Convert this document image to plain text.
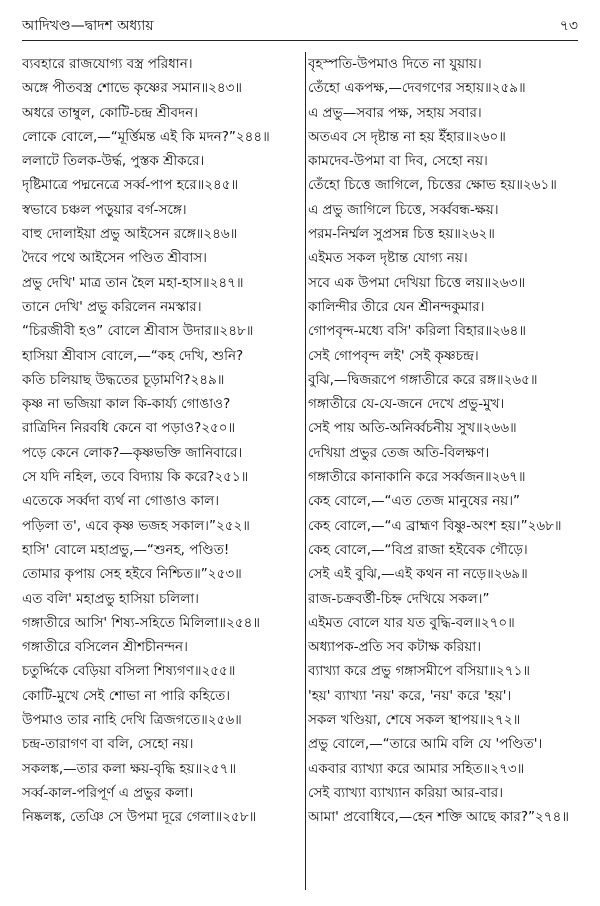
আদিখণ্ড—দ্বাদশ অধ্যায়	৭৩
ব্যবহারে রাজযোগ্য বস্ত্র পরিধান।
অঙ্গে পীতবস্ত্র শোভে কৃষ্ণের সমান॥২৪৩॥
অধরে তাম্বুল, কোটি-চন্দ্র শ্রীবদন।
লোকে বোলে,—“মূর্ত্তিমন্ত এই কি মদন?”২৪৪॥
ললাটে তিলক-উর্দ্ধ, পুস্তক শ্রীকরে।
দৃষ্টিমাত্রে পদ্মনেত্রে সর্ব্ব-পাপ হরে॥২৪৫॥
স্বভাবে চঞ্চল পড়ুয়ার বর্গ-সঙ্গে।
বাহু দোলাইয়া প্রভু আইসেন রঙ্গে॥২৪৬॥
দৈবে পথে আইসেন পণ্ডিত শ্রীবাস।
প্রভু দেখি' মাত্র তান হৈল মহা-হাস॥২৪৭॥
তানে দেখি' প্রভু করিলেন নমস্কার।
“চিরজীবী হও” বোলে শ্রীবাস উদার॥২৪৮॥
হাসিয়া শ্রীবাস বোলে,—“কহ দেখি, শুনি?
কতি চলিয়াছ উদ্ধতের চূড়ামণি?২৪৯॥
কৃষ্ণ না ভজিয়া কাল কি-কার্য্য গোঙাও?
রাত্রিদিন নিরবধি কেনে বা পড়াও?২৫০॥
পড়ে কেনে লোক?—কৃষ্ণভক্তি জানিবারে।
সে যদি নহিল, তবে বিদ্যায় কি করে?২৫১॥
এতেকে সর্ব্বদা ব্যর্থ না গোঙাও কাল।
পড়িলা ত', এবে কৃষ্ণ ভজহ সকাল।”২৫২॥
হাসি' বোলে মহাপ্রভু,—“শুনহ, পণ্ডিত!
তোমার কৃপায় সেহ হইবে নিশ্চিত॥”২৫৩॥
এত বলি' মহাপ্রভু হাসিয়া চলিলা।
গঙ্গাতীরে আসি' শিষ্য-সহিতে মিলিলা॥২৫৪॥
গঙ্গাতীরে বসিলেন শ্রীশচীনন্দন।
চতুর্দ্দিকে বেড়িয়া বসিলা শিষ্যগণ॥২৫৫॥
কোটি-মুখে সেই শোভা না পারি কহিতে।
উপমাও তার নাহি দেখি ত্রিজগতে॥২৫৬॥
চন্দ্র-তারাগণ বা বলি, সেহো নয়।
সকলঙ্ক,—তার কলা ক্ষয়-বৃদ্ধি হয়॥২৫৭॥
সর্ব্ব-কাল-পরিপূর্ণ এ প্রভুর কলা।
নিষ্কলঙ্ক, তেঞি সে উপমা দূরে গেলা॥২৫৮॥
বৃহস্পতি-উপমাও দিতে না যুয়ায়।
তেঁহো একপক্ষ,—দেবগণের সহায়॥২৫৯॥
এ প্রভু—সবার পক্ষ, সহায় সবার।
অতএব সে দৃষ্টান্ত না হয় ইঁহার॥২৬০॥
কামদেব-উপমা বা দিব, সেহো নয়।
তেঁহো চিত্তে জাগিলে, চিত্তের ক্ষোভ হয়॥২৬১॥
এ প্রভু জাগিলে চিত্তে, সর্ব্ববন্ধ-ক্ষয়।
পরম-নির্ম্মল সুপ্রসন্ন চিত্ত হয়॥২৬২॥
এইমত সকল দৃষ্টান্ত যোগ্য নয়।
সবে এক উপমা দেখিয়া চিত্তে লয়॥২৬৩॥
কালিন্দীর তীরে যেন শ্রীনন্দকুমার।
গোপবৃন্দ-মধ্যে বসি' করিলা বিহার॥২৬৪॥
সেই গোপবৃন্দ লই' সেই কৃষ্ণচন্দ্র।
বুঝি,—দ্বিজরূপে গঙ্গাতীরে করে রঙ্গ॥২৬৫॥
গঙ্গাতীরে যে-যে-জনে দেখে প্রভু-মুখ।
সেই পায় অতি-অনির্ব্বচনীয় সুখ॥২৬৬॥
দেখিয়া প্রভুর তেজ অতি-বিলক্ষণ।
গঙ্গাতীরে কানাকানি করে সর্ব্বজন॥২৬৭॥
কেহ বোলে,—“এত তেজ মানুষের নয়।”
কেহ বোলে,—“এ ব্রাহ্মণ বিষ্ণু-অংশ হয়।”২৬৮॥
কেহ বোলে,—“বিপ্র রাজা হইবেক গৌড়ে।
সেই এই বুঝি,—এই কথন না নড়ে॥২৬৯॥
রাজ-চক্রবর্ত্তী-চিহ্ন দেখিয়ে সকল।”
এইমত বোলে যার যত বুদ্ধি-বল॥২৭০॥
অধ্যাপক-প্রতি সব কটাক্ষ করিয়া।
ব্যাখ্যা করে প্রভু গঙ্গাসমীপে বসিয়া॥২৭১॥
'হয়' ব্যাখ্যা 'নয়' করে, 'নয়' করে 'হয়'।
সকল খণ্ডিয়া, শেষে সকল স্থাপয়॥২৭২॥
প্রভু বোলে,—“তারে আমি বলি যে 'পণ্ডিত'।
একবার ব্যাখ্যা করে আমার সহিত॥২৭৩॥
সেই ব্যাখ্যা ব্যাখ্যান করিয়া আর-বার।
আমা' প্রবোধিবে,—হেন শক্তি আছে কার?”২৭৪॥
